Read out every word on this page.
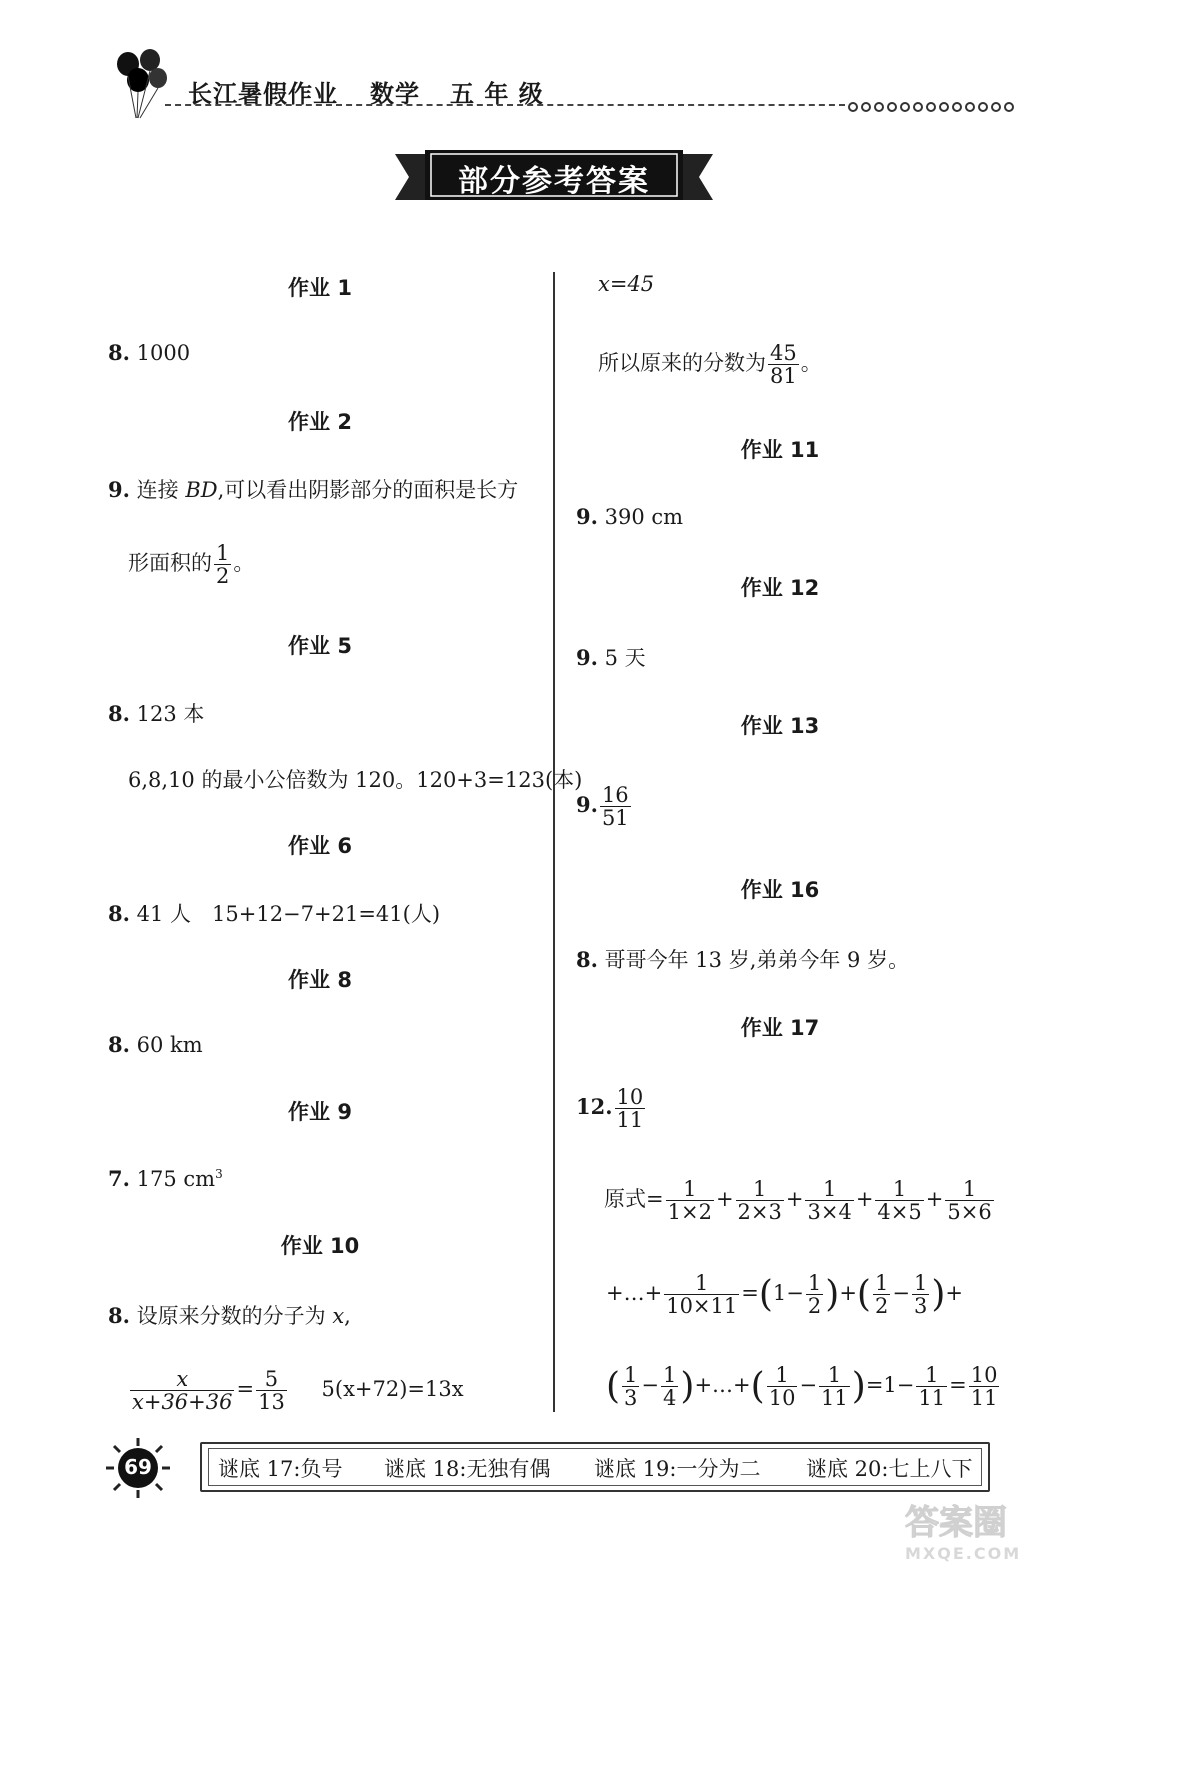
长江暑假作业 数学 五 年 级
部分参考答案
作业 1
8. 1000
作业 2
9. 连接 BD,可以看出阴影部分的面积是长方
形面积的 $\frac{1}{2}$ 。
作业 5
8. 123 本
6,8,10 的最小公倍数为 120。120+3=123(本)
作业 6
8. 41 人　15+12−7+21=41(人)
作业 8
8. 60 km
作业 9
7. 175 $cm^3$
作业 10
8. 设原来分数的分子为 x,
$\frac{x}{x+36+36} = \frac{5}{13} 5(x+72)=13x$
x=45
所以原来的分数为 $\frac{45}{81}$ 。
作业 11
9. 390 cm
作业 12
9. 5 天
作业 13
9. $\frac{16}{51}$
作业 16
8. 哥哥今年 13 岁,弟弟今年 9 岁。
作业 17
12. $\frac{10}{11}$
原式= $\frac{1}{1\times 2} + \frac{1}{2\times 3} + \frac{1}{3\times 4} + \frac{1}{4\times 5} + \frac{1}{5\times 6}$
+…+ $\frac{1}{10\times 11} =(1- \frac{1}{2}$ )+( $\frac{1}{2} - \frac{1}{3}$ )+
( $\frac{1}{3} - \frac{1}{4}$ )+…+( $\frac{1}{10} - \frac{1}{11} )=1- \frac{1}{11} = \frac{10}{11}$
69	谜底 17:负号 谜底 18:无独有偶 谜底 19:一分为二 谜底 20:七上八下
答案圈
MXQE.COM
